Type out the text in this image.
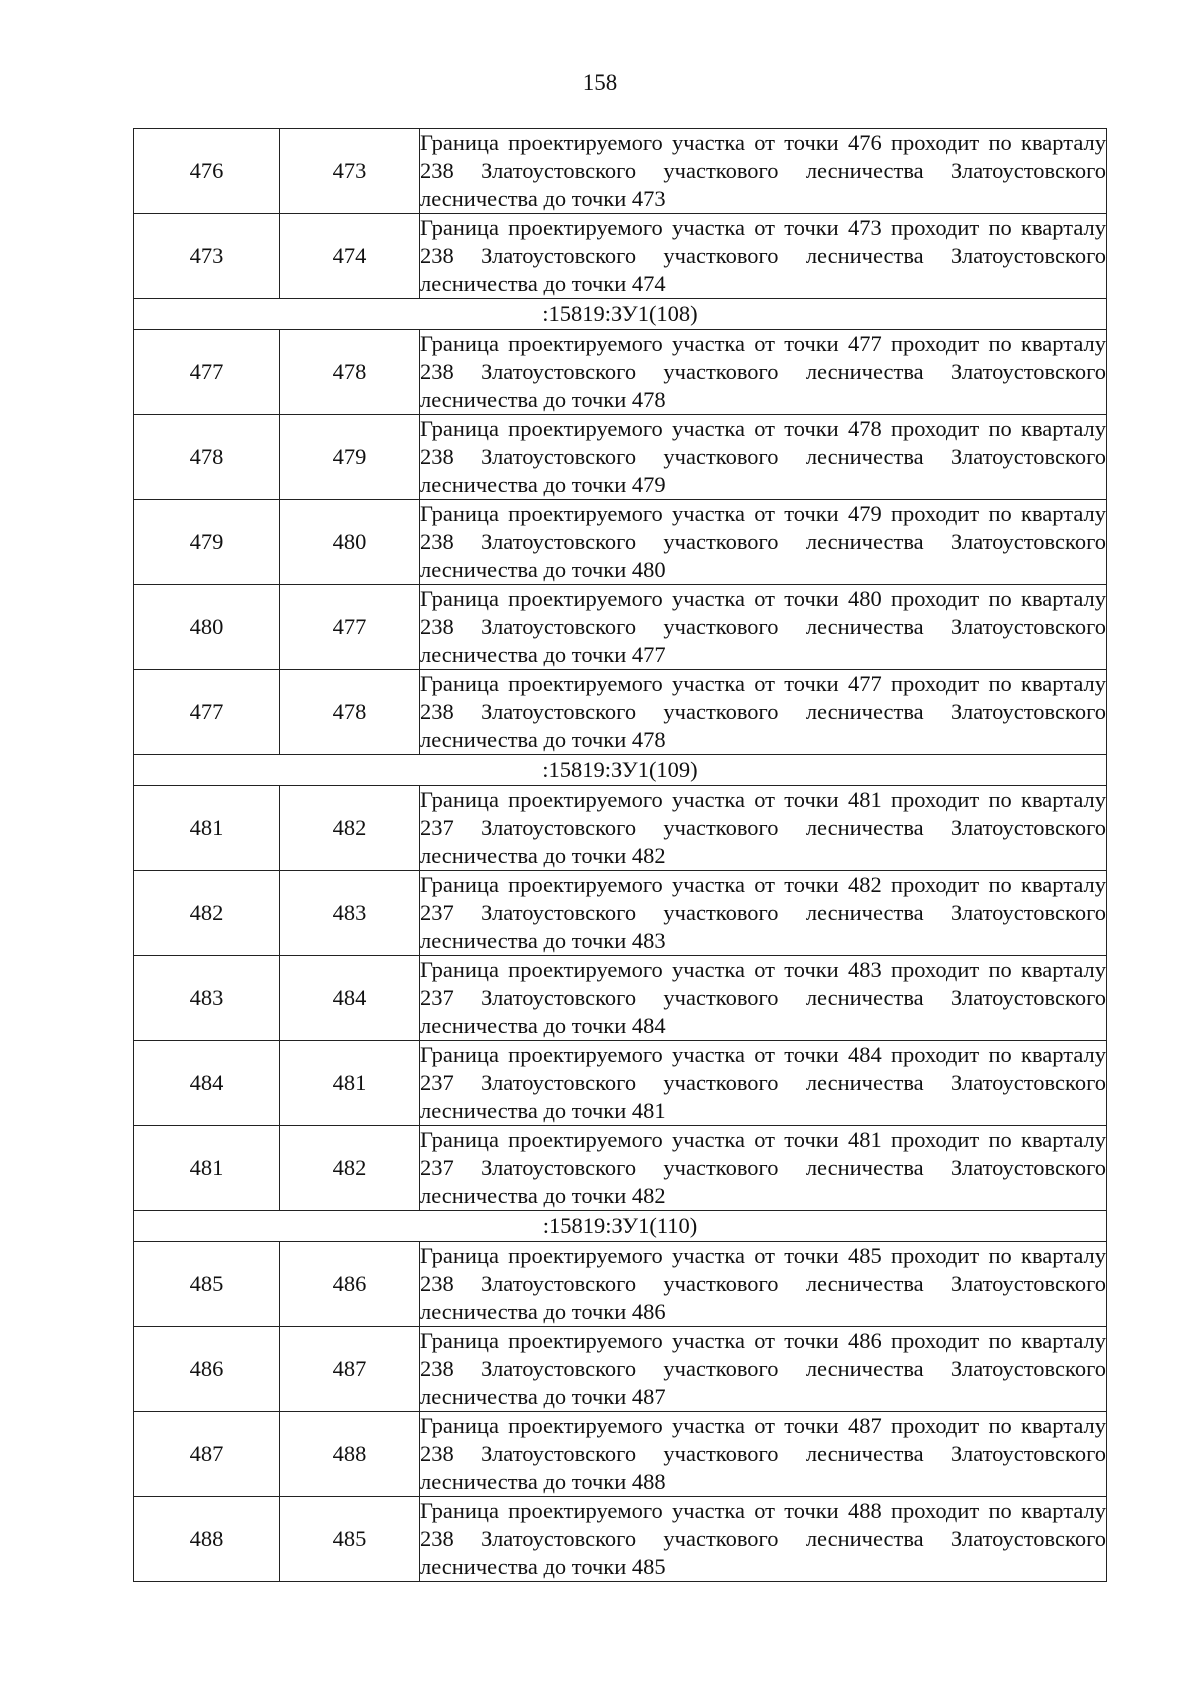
158
476	473	Граница проектируемого участка от точки 476 проходит по кварталу 238 Златоустовского участкового лесничества Златоустовского лесничества до точки 473
473	474	Граница проектируемого участка от точки 473 проходит по кварталу 238 Златоустовского участкового лесничества Златоустовского лесничества до точки 474
:15819:ЗУ1(108)		
477	478	Граница проектируемого участка от точки 477 проходит по кварталу 238 Златоустовского участкового лесничества Златоустовского лесничества до точки 478
478	479	Граница проектируемого участка от точки 478 проходит по кварталу 238 Златоустовского участкового лесничества Златоустовского лесничества до точки 479
479	480	Граница проектируемого участка от точки 479 проходит по кварталу 238 Златоустовского участкового лесничества Златоустовского лесничества до точки 480
480	477	Граница проектируемого участка от точки 480 проходит по кварталу 238 Златоустовского участкового лесничества Златоустовского лесничества до точки 477
477	478	Граница проектируемого участка от точки 477 проходит по кварталу 238 Златоустовского участкового лесничества Златоустовского лесничества до точки 478
:15819:ЗУ1(109)		
481	482	Граница проектируемого участка от точки 481 проходит по кварталу 237 Златоустовского участкового лесничества Златоустовского лесничества до точки 482
482	483	Граница проектируемого участка от точки 482 проходит по кварталу 237 Златоустовского участкового лесничества Златоустовского лесничества до точки 483
483	484	Граница проектируемого участка от точки 483 проходит по кварталу 237 Златоустовского участкового лесничества Златоустовского лесничества до точки 484
484	481	Граница проектируемого участка от точки 484 проходит по кварталу 237 Златоустовского участкового лесничества Златоустовского лесничества до точки 481
481	482	Граница проектируемого участка от точки 481 проходит по кварталу 237 Златоустовского участкового лесничества Златоустовского лесничества до точки 482
:15819:ЗУ1(110)		
485	486	Граница проектируемого участка от точки 485 проходит по кварталу 238 Златоустовского участкового лесничества Златоустовского лесничества до точки 486
486	487	Граница проектируемого участка от точки 486 проходит по кварталу 238 Златоустовского участкового лесничества Златоустовского лесничества до точки 487
487	488	Граница проектируемого участка от точки 487 проходит по кварталу 238 Златоустовского участкового лесничества Златоустовского лесничества до точки 488
488	485	Граница проектируемого участка от точки 488 проходит по кварталу 238 Златоустовского участкового лесничества Златоустовского лесничества до точки 485
